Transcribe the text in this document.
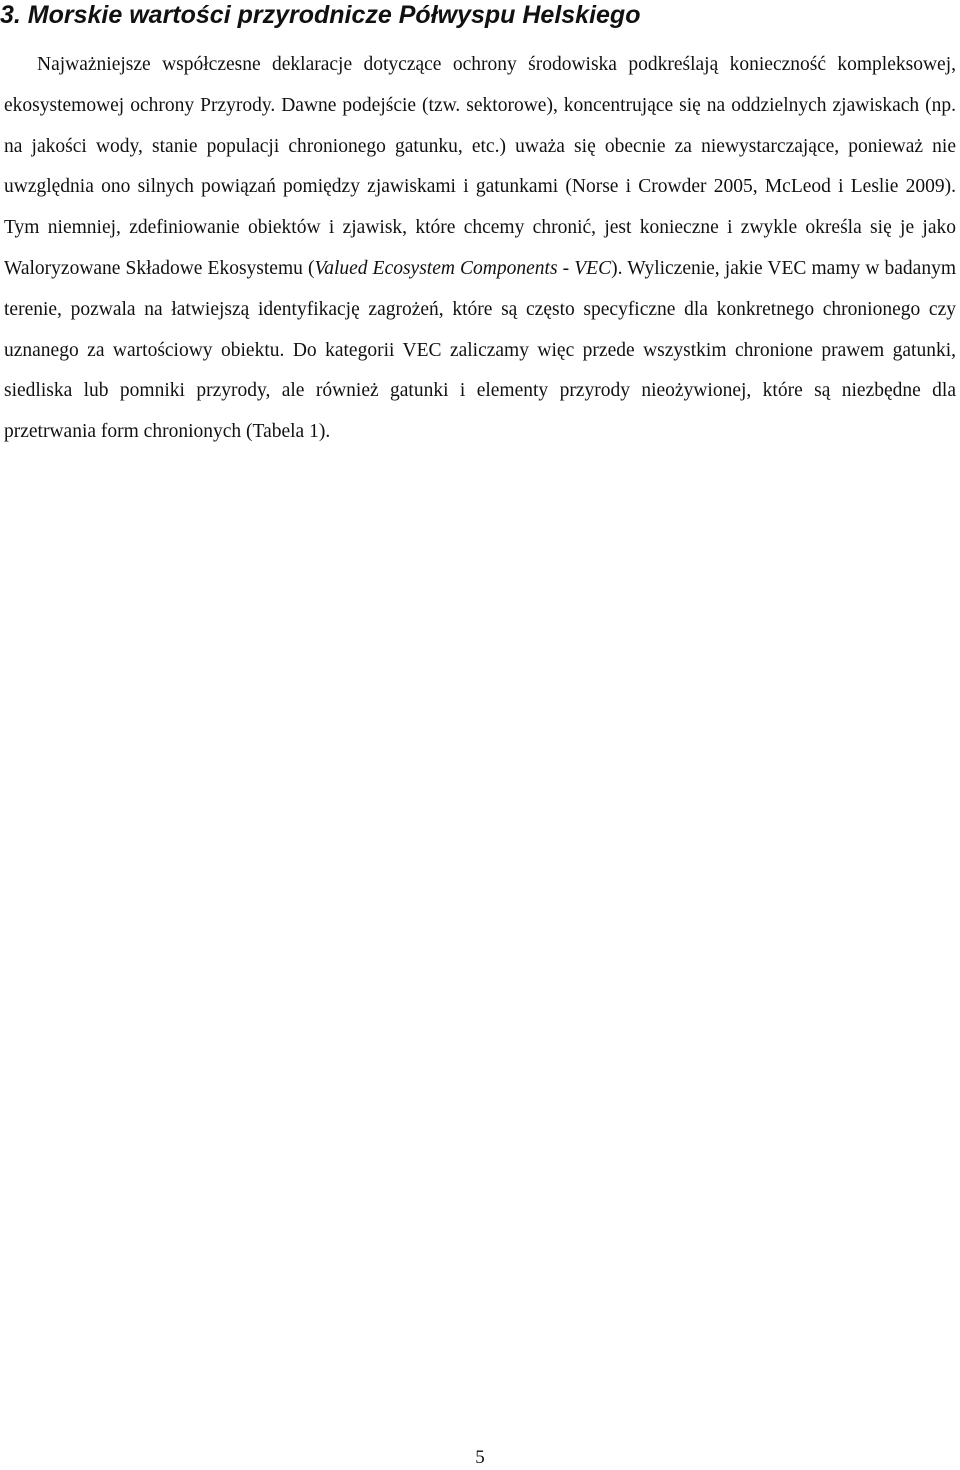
3. Morskie wartości przyrodnicze Półwyspu Helskiego

Najważniejsze współczesne deklaracje dotyczące ochrony środowiska podkreślają konieczność kompleksowej, ekosystemowej ochrony Przyrody. Dawne podejście (tzw. sektorowe), koncentrujące się na oddzielnych zjawiskach (np. na jakości wody, stanie populacji chronionego gatunku, etc.) uważa się obecnie za niewystarczające, ponieważ nie uwzględnia ono silnych powiązań pomiędzy zjawiskami i gatunkami (Norse i Crowder 2005, McLeod i Leslie 2009). Tym niemniej, zdefiniowanie obiektów i zjawisk, które chcemy chronić, jest konieczne i zwykle określa się je jako Waloryzowane Składowe Ekosystemu (Valued Ecosystem Components - VEC). Wyliczenie, jakie VEC mamy w badanym terenie, pozwala na łatwiejszą identyfikację zagrożeń, które są często specyficzne dla konkretnego chronionego czy uznanego za wartościowy obiektu. Do kategorii VEC zaliczamy więc przede wszystkim chronione prawem gatunki, siedliska lub pomniki przyrody, ale również gatunki i elementy przyrody nieożywionej, które są niezbędne dla przetrwania form chronionych (Tabela 1).

5
